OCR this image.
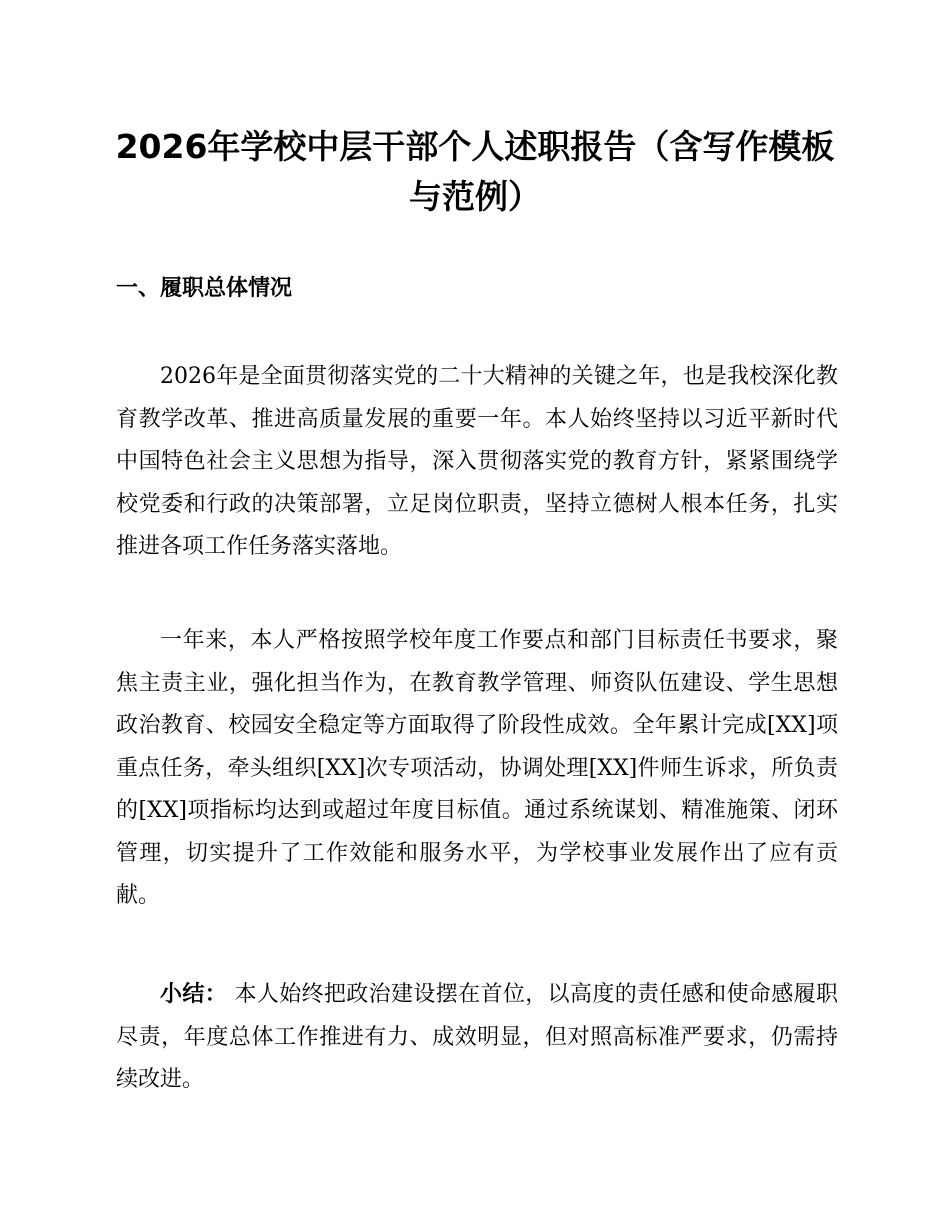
2026年学校中层干部个人述职报告（含写作模板与范例）
一、履职总体情况

2026年是全面贯彻落实党的二十大精神的关键之年，也是我校深化教育教学改革、推进高质量发展的重要一年。本人始终坚持以习近平新时代中国特色社会主义思想为指导，深入贯彻落实党的教育方针，紧紧围绕学校党委和行政的决策部署，立足岗位职责，坚持立德树人根本任务，扎实推进各项工作任务落实落地。

一年来，本人严格按照学校年度工作要点和部门目标责任书要求，聚焦主责主业，强化担当作为，在教育教学管理、师资队伍建设、学生思想政治教育、校园安全稳定等方面取得了阶段性成效。全年累计完成[XX]项重点任务，牵头组织[XX]次专项活动，协调处理[XX]件师生诉求，所负责的[XX]项指标均达到或超过年度目标值。通过系统谋划、精准施策、闭环管理，切实提升了工作效能和服务水平，为学校事业发展作出了应有贡献。

小结： 本人始终把政治建设摆在首位，以高度的责任感和使命感履职尽责，年度总体工作推进有力、成效明显，但对照高标准严要求，仍需持续改进。
